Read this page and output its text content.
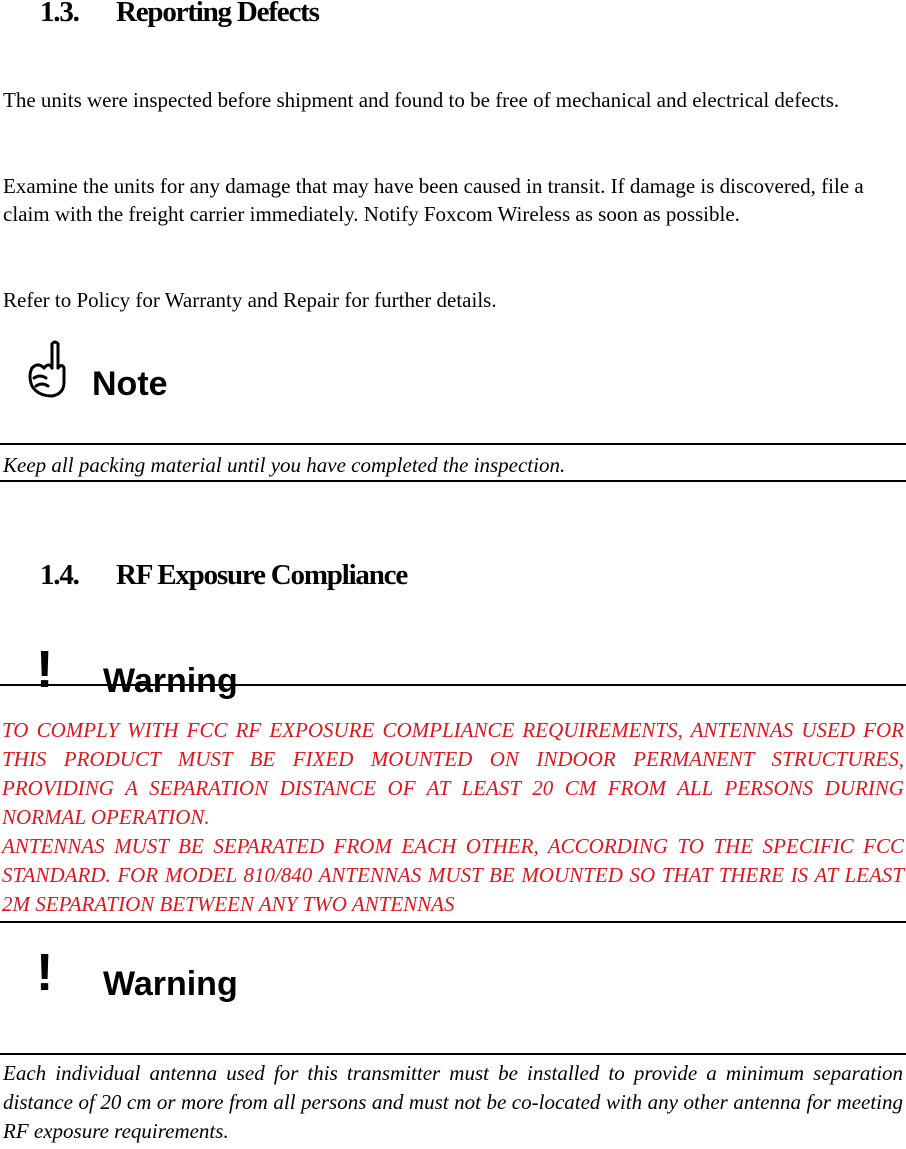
1.3. Reporting Defects
The units were inspected before shipment and found to be free of mechanical and electrical defects.
Examine the units for any damage that may have been caused in transit. If damage is discovered, file a claim with the freight carrier immediately. Notify Foxcom Wireless as soon as possible.
Refer to Policy for Warranty and Repair for further details.
Note
Keep all packing material until you have completed the inspection.
1.4. RF Exposure Compliance
! Warning
TO COMPLY WITH FCC RF EXPOSURE COMPLIANCE REQUIREMENTS, ANTENNAS USED FOR THIS PRODUCT MUST BE FIXED MOUNTED ON INDOOR PERMANENT STRUCTURES, PROVIDING A SEPARATION DISTANCE OF AT LEAST 20 CM FROM ALL PERSONS DURING NORMAL OPERATION.
ANTENNAS MUST BE SEPARATED FROM EACH OTHER, ACCORDING TO THE SPECIFIC FCC STANDARD. FOR MODEL 810/840 ANTENNAS MUST BE MOUNTED SO THAT THERE IS AT LEAST 2M SEPARATION BETWEEN ANY TWO ANTENNAS
! Warning
Each individual antenna used for this transmitter must be installed to provide a minimum separation distance of 20 cm or more from all persons and must not be co-located with any other antenna for meeting RF exposure requirements.
